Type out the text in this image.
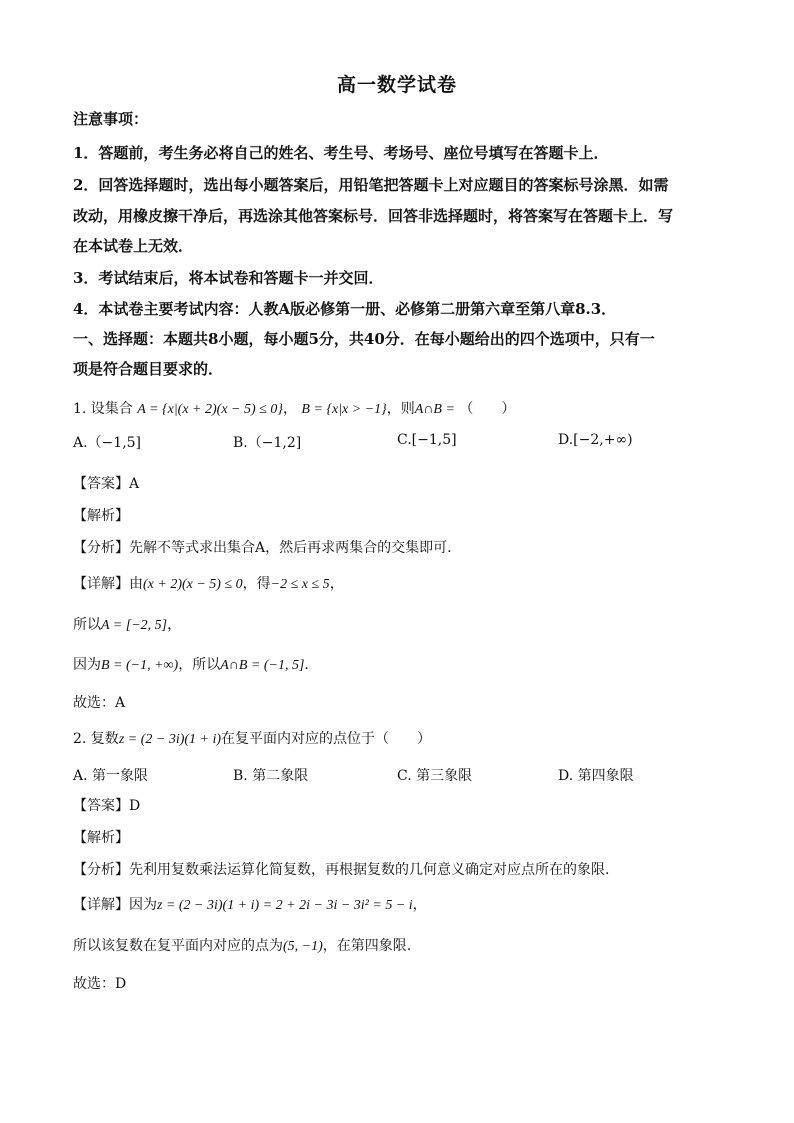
高一数学试卷
注意事项：
1．答题前，考生务必将自己的姓名、考生号、考场号、座位号填写在答题卡上．
2．回答选择题时，选出每小题答案后，用铅笔把答题卡上对应题目的答案标号涂黑．如需
改动，用橡皮擦干净后，再选涂其他答案标号．回答非选择题时，将答案写在答题卡上．写
在本试卷上无效．
3．考试结束后，将本试卷和答题卡一并交回．
4．本试卷主要考试内容：人教A版必修第一册、必修第二册第六章至第八章8.3．
一、选择题：本题共8小题，每小题5分，共40分．在每小题给出的四个选项中，只有一
项是符合题目要求的．
1. 设集合 A = {x|(x + 2)(x − 5) ≤ 0}， B = {x|x > −1}，则A∩B = （　　）
A.（−1,5]	B.（−1,2]	C.[−1,5]	D.[−2,+∞)
【答案】A
【解析】
【分析】先解不等式求出集合A，然后再求两集合的交集即可.
【详解】由(x + 2)(x − 5) ≤ 0，得−2 ≤ x ≤ 5，
所以A = [−2, 5]，
因为B = (−1, +∞)，所以A∩B = (−1, 5].
故选：A
2. 复数z = (2 − 3i)(1 + i)在复平面内对应的点位于（　　）
A. 第一象限	B. 第二象限	C. 第三象限	D. 第四象限
【答案】D
【解析】
【分析】先利用复数乘法运算化简复数，再根据复数的几何意义确定对应点所在的象限.
【详解】因为z = (2 − 3i)(1 + i) = 2 + 2i − 3i − 3i² = 5 − i，
所以该复数在复平面内对应的点为(5, −1)，在第四象限.
故选：D
